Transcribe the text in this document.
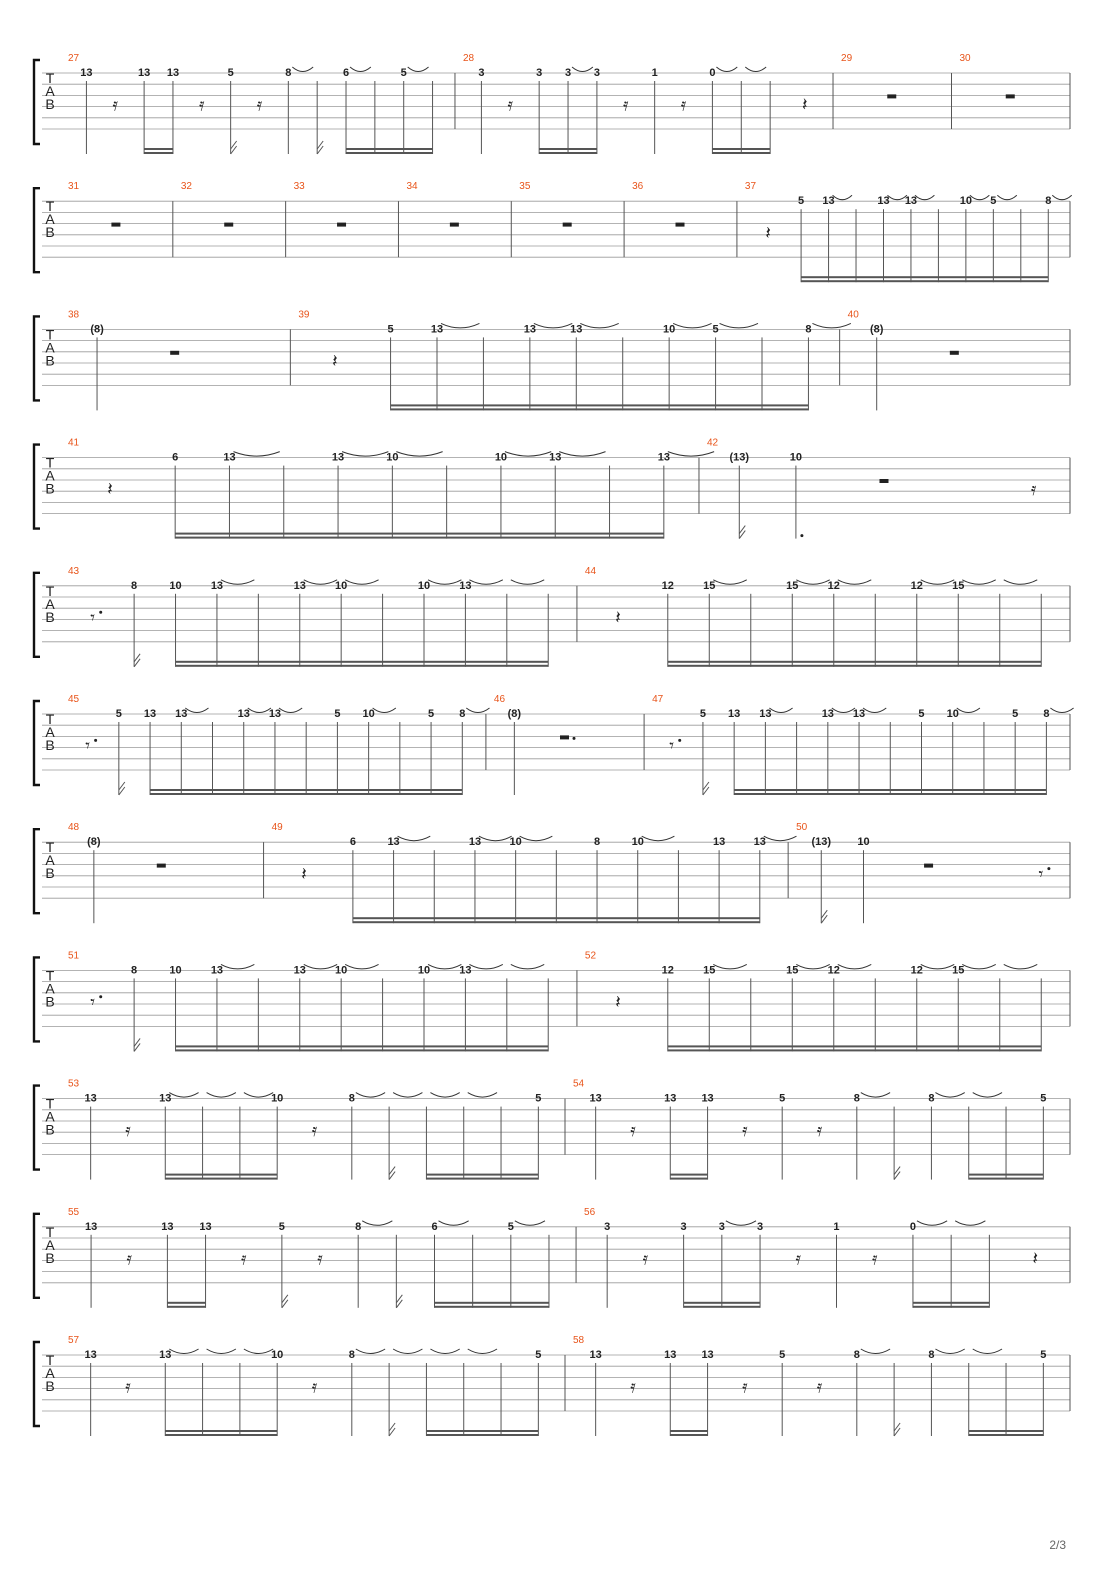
T
A
B
27
13
𝄿
13 13
𝄿
5
𝄿
8	6	5
28
3
𝄿
3 3 3
𝄿
1
𝄿
0
𝄽
29	30
T
A
B
31	32	33	34	35	36	37
𝄽
5 13	13 13	10 5	8
T
A
B
38
(8)
39
𝄽
5	13	13	13	10	5	8
40
(8)
T
A
B
41
𝄽
6	13	13	10	10	13	13
42
(13)	10
𝄿
T
A
B
43
𝄾
8	10	13	13	10	10	13
44
𝄽
12	15	15	12	12	15
T
A
B
45
𝄾
5 13 13	13 13	5 10	5 8
46
(8)
47
𝄾
5 13 13	13 13	5 10	5 8
T
A
B
48
(8)
49
𝄽
6	13	13	10	8	10	13	13
50
(13) 10
𝄾
T
A
B
51
𝄾
8	10	13	13	10	10	13
52
𝄽
12	15	15	12	12	15
T
A
B
53
13
𝄿
13	10
𝄿
8	5
54
13
𝄿
13 13
𝄿
5
𝄿
8	8	5
T
A
B
55
13
𝄿
13 13
𝄿
5
𝄿
8	6	5
56
3
𝄿
3	3	3
𝄿
1
𝄿
0
𝄽
T
A
B
57
13
𝄿
13	10
𝄿
8	5
58
13
𝄿
13 13
𝄿
5
𝄿
8	8	5
2/3
